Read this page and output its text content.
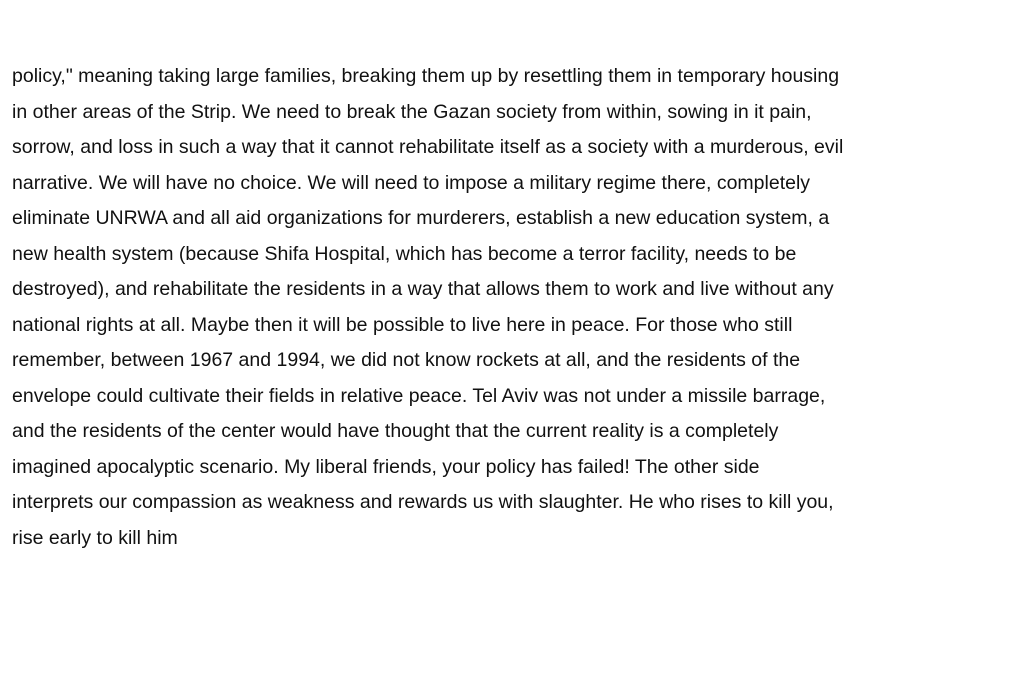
policy," meaning taking large families, breaking them up by resettling them in temporary housing
in other areas of the Strip. We need to break the Gazan society from within, sowing in it pain,
sorrow, and loss in such a way that it cannot rehabilitate itself as a society with a murderous, evil
narrative. We will have no choice. We will need to impose a military regime there, completely
eliminate UNRWA and all aid organizations for murderers, establish a new education system, a
new health system (because Shifa Hospital, which has become a terror facility, needs to be
destroyed), and rehabilitate the residents in a way that allows them to work and live without any
national rights at all. Maybe then it will be possible to live here in peace. For those who still
remember, between 1967 and 1994, we did not know rockets at all, and the residents of the
envelope could cultivate their fields in relative peace. Tel Aviv was not under a missile barrage,
and the residents of the center would have thought that the current reality is a completely
imagined apocalyptic scenario. My liberal friends, your policy has failed! The other side
interprets our compassion as weakness and rewards us with slaughter. He who rises to kill you,
rise early to kill him
